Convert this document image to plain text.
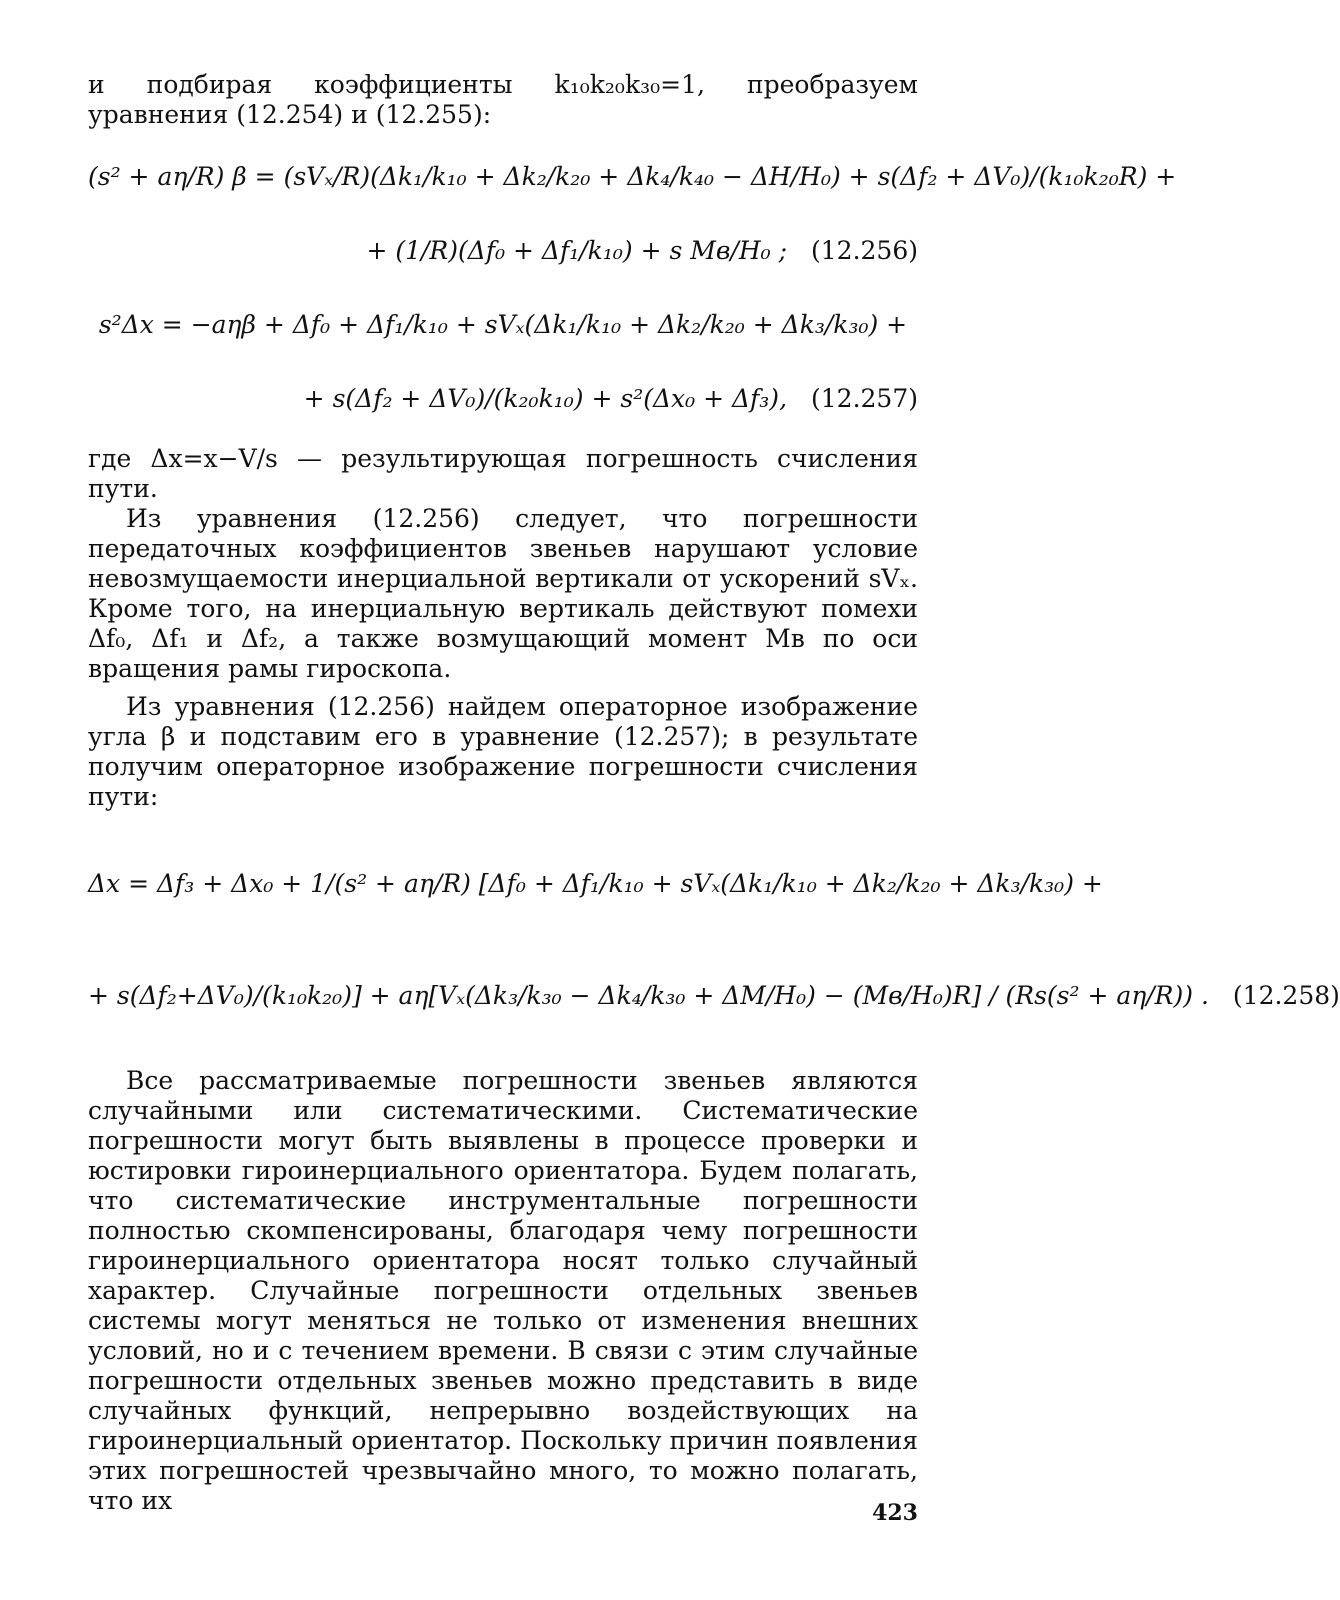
и подбирая коэффициенты k₁₀k₂₀k₃₀=1, преобразуем уравнения (12.254) и (12.255):

(s² + aη/R) β = (sVₓ/R)(Δk₁/k₁₀ + Δk₂/k₂₀ + Δk₄/k₄₀ − ΔH/H₀) + s(Δf₂ + ΔV₀)/(k₁₀k₂₀R) +
+ (1/R)(Δf₀ + Δf₁/k₁₀) + s Mв/H₀ ; (12.256)
s²Δx = −aηβ + Δf₀ + Δf₁/k₁₀ + sVₓ(Δk₁/k₁₀ + Δk₂/k₂₀ + Δk₃/k₃₀) +
+ s(Δf₂ + ΔV₀)/(k₂₀k₁₀) + s²(Δx₀ + Δf₃), (12.257)

где Δx=x−V/s — результирующая погрешность счисления пути.

Из уравнения (12.256) следует, что погрешности передаточных коэффициентов звеньев нарушают условие невозмущаемости инерциальной вертикали от ускорений sVₓ. Кроме того, на инерциальную вертикаль действуют помехи Δf₀, Δf₁ и Δf₂, а также возмущающий момент Mв по оси вращения рамы гироскопа.

Из уравнения (12.256) найдем операторное изображение угла β и подставим его в уравнение (12.257); в результате получим операторное изображение погрешности счисления пути:

Δx = Δf₃ + Δx₀ + 1/(s² + aη/R) [Δf₀ + Δf₁/k₁₀ + sVₓ(Δk₁/k₁₀ + Δk₂/k₂₀ + Δk₃/k₃₀) +
+ s(Δf₂+ΔV₀)/(k₁₀k₂₀)] + aη[Vₓ(Δk₃/k₃₀ − Δk₄/k₃₀ + ΔM/H₀) − (Mв/H₀)R] / (Rs(s² + aη/R)) . (12.258)

Все рассматриваемые погрешности звеньев являются случайными или систематическими. Систематические погрешности могут быть выявлены в процессе проверки и юстировки гироинерциального ориентатора. Будем полагать, что систематические инструментальные погрешности полностью скомпенсированы, благодаря чему погрешности гироинерциального ориентатора носят только случайный характер. Случайные погрешности отдельных звеньев системы могут меняться не только от изменения внешних условий, но и с течением времени. В связи с этим случайные погрешности отдельных звеньев можно представить в виде случайных функций, непрерывно воздействующих на гироинерциальный ориентатор. Поскольку причин появления этих погрешностей чрезвычайно много, то можно полагать, что их	423
